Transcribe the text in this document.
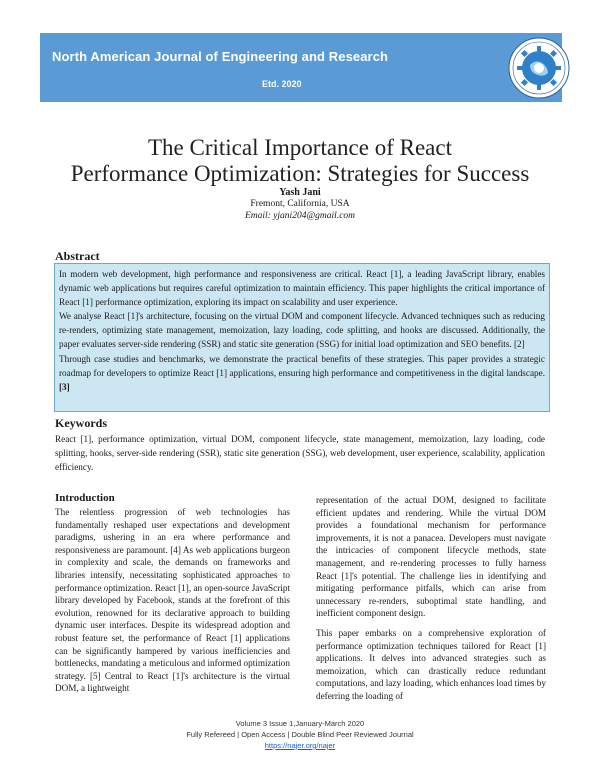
North American Journal of Engineering and Research
Etd. 2020
The Critical Importance of React
Performance Optimization: Strategies for Success
Yash Jani
Fremont, California, USA
Email: yjani204@gmail.com
Abstract

In modern web development, high performance and responsiveness are critical. React [1], a leading JavaScript library, enables dynamic web applications but requires careful optimization to maintain efficiency. This paper highlights the critical importance of React [1] performance optimization, exploring its impact on scalability and user experience.

We analyse React [1]'s architecture, focusing on the virtual DOM and component lifecycle. Advanced techniques such as reducing re-renders, optimizing state management, memoization, lazy loading, code splitting, and hooks are discussed. Additionally, the paper evaluates server-side rendering (SSR) and static site generation (SSG) for initial load optimization and SEO benefits. [2]

Through case studies and benchmarks, we demonstrate the practical benefits of these strategies. This paper provides a strategic roadmap for developers to optimize React [1] applications, ensuring high performance and competitiveness in the digital landscape. [3]

Keywords
React [1], performance optimization, virtual DOM, component lifecycle, state management, memoization, lazy loading, code splitting, hooks, server-side rendering (SSR), static site generation (SSG), web development, user experience, scalability, application efficiency.
Introduction

The relentless progression of web technologies has fundamentally reshaped user expectations and development paradigms, ushering in an era where performance and responsiveness are paramount. [4] As web applications burgeon in complexity and scale, the demands on frameworks and libraries intensify, necessitating sophisticated approaches to performance optimization. React [1], an open-source JavaScript library developed by Facebook, stands at the forefront of this evolution, renowned for its declarative approach to building dynamic user interfaces. Despite its widespread adoption and robust feature set, the performance of React [1] applications can be significantly hampered by various inefficiencies and bottlenecks, mandating a meticulous and informed optimization strategy. [5] Central to React [1]'s architecture is the virtual DOM, a lightweight

representation of the actual DOM, designed to facilitate efficient updates and rendering. While the virtual DOM provides a foundational mechanism for performance improvements, it is not a panacea. Developers must navigate the intricacies of component lifecycle methods, state management, and re-rendering processes to fully harness React [1]'s potential. The challenge lies in identifying and mitigating performance pitfalls, which can arise from unnecessary re-renders, suboptimal state handling, and inefficient component design.

This paper embarks on a comprehensive exploration of performance optimization techniques tailored for React [1] applications. It delves into advanced strategies such as memoization, which can drastically reduce redundant computations, and lazy loading, which enhances load times by deferring the loading of

Volume 3 Issue 1,January-March 2020
Fully Refereed | Open Access | Double Blind Peer Reviewed Journal
https://najer.org/najer
